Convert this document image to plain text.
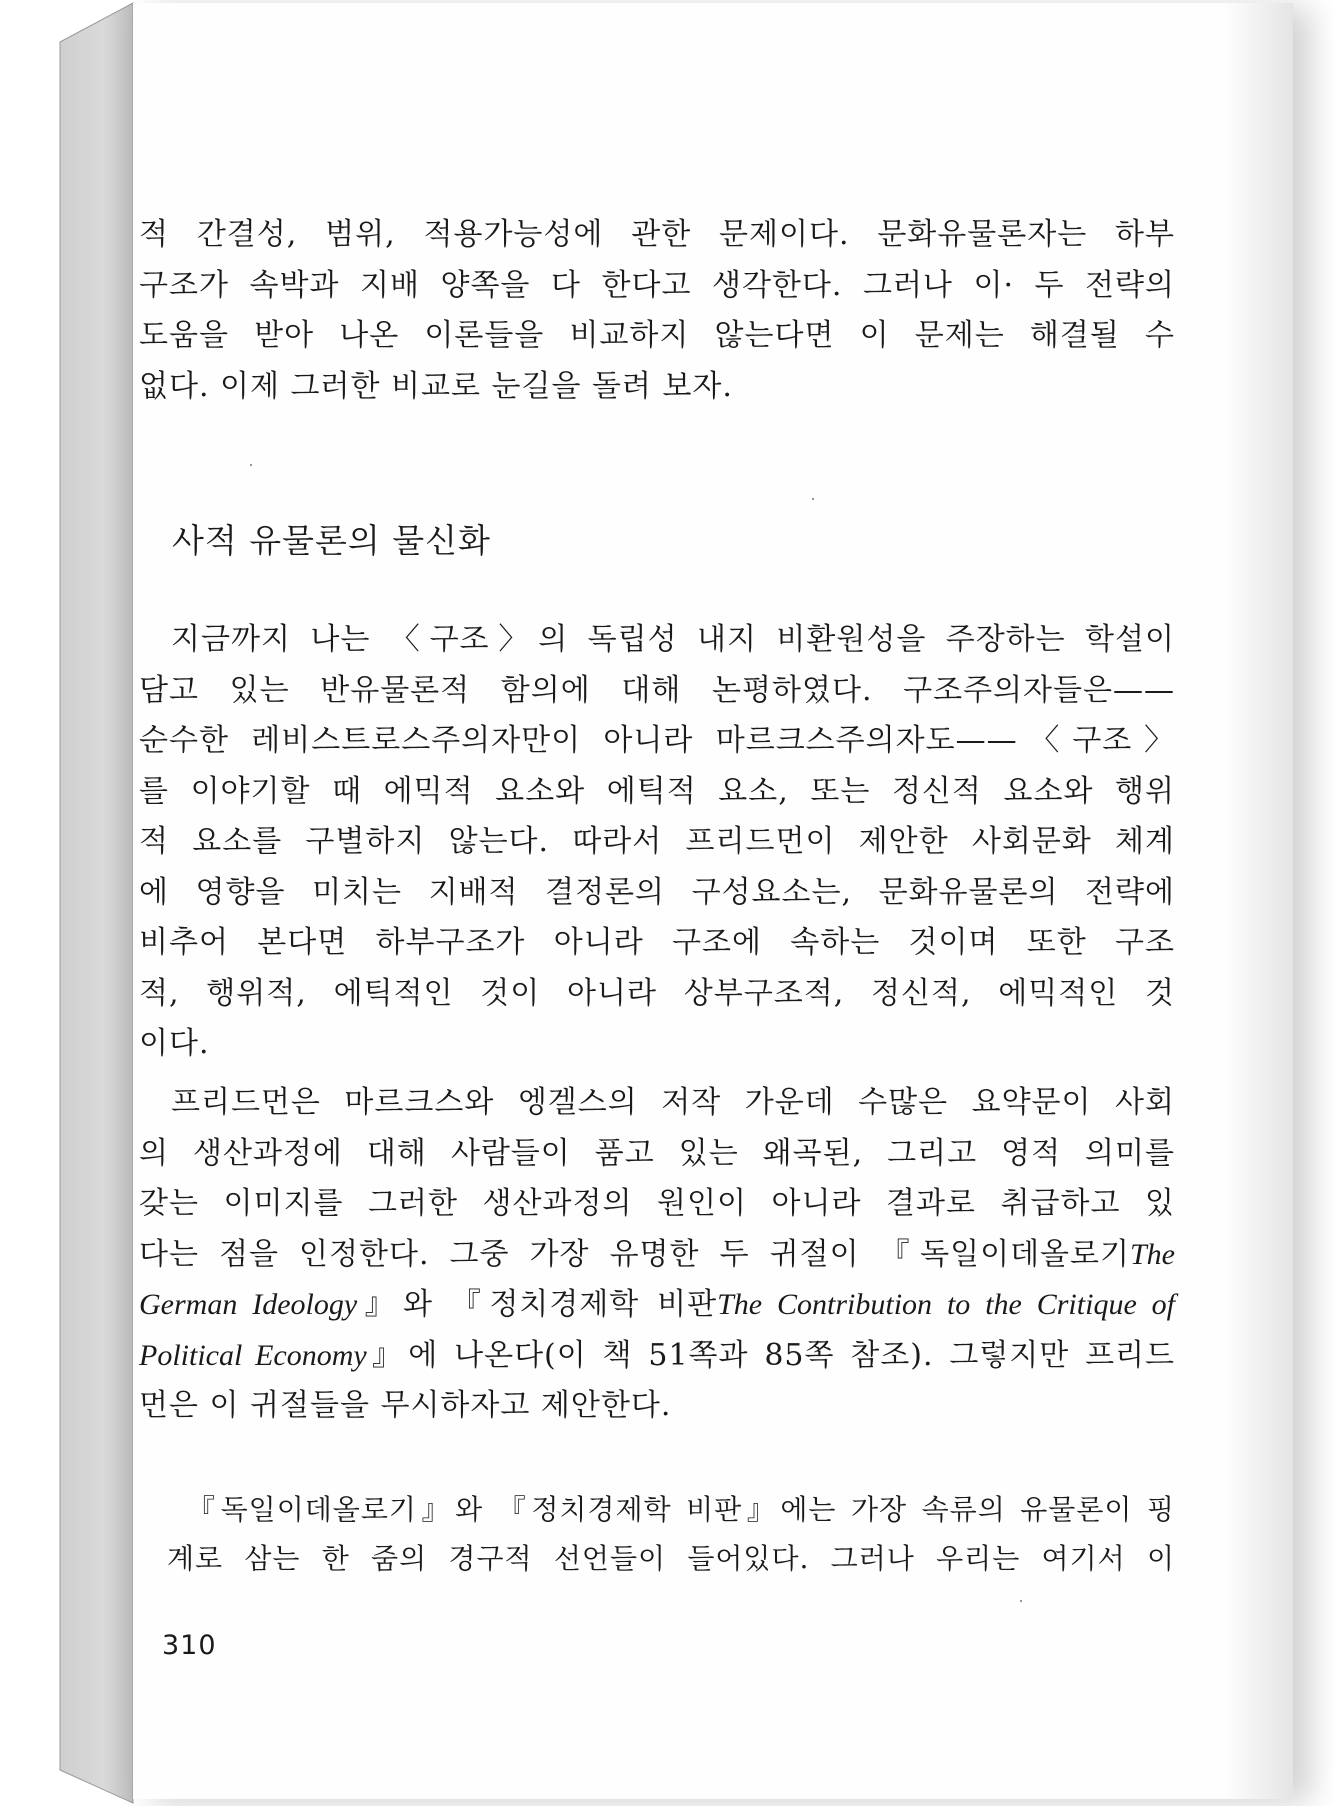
적 간결성, 범위, 적용가능성에 관한 문제이다. 문화유물론자는 하부
구조가 속박과 지배 양쪽을 다 한다고 생각한다. 그러나 이· 두 전략의
도움을 받아 나온 이론들을 비교하지 않는다면 이 문제는 해결될 수
없다. 이제 그러한 비교로 눈길을 돌려 보자.
사적 유물론의 물신화
지금까지 나는 〈구조〉의 독립성 내지 비환원성을 주장하는 학설이
담고 있는 반유물론적 함의에 대해 논평하였다. 구조주의자들은——
순수한 레비스트로스주의자만이 아니라 마르크스주의자도——〈구조〉
를 이야기할 때 에믹적 요소와 에틱적 요소, 또는 정신적 요소와 행위
적 요소를 구별하지 않는다. 따라서 프리드먼이 제안한 사회문화 체계
에 영향을 미치는 지배적 결정론의 구성요소는, 문화유물론의 전략에
비추어 본다면 하부구조가 아니라 구조에 속하는 것이며 또한 구조
적, 행위적, 에틱적인 것이 아니라 상부구조적, 정신적, 에믹적인 것
이다.
프리드먼은 마르크스와 엥겔스의 저작 가운데 수많은 요약문이 사회
의 생산과정에 대해 사람들이 품고 있는 왜곡된, 그리고 영적 의미를
갖는 이미지를 그러한 생산과정의 원인이 아니라 결과로 취급하고 있
다는 점을 인정한다. 그중 가장 유명한 두 귀절이 『독일이데올로기The
German Ideology』와 『정치경제학 비판The Contribution to the Critique of
Political Economy』에 나온다(이 책 51쪽과 85쪽 참조). 그렇지만 프리드
먼은 이 귀절들을 무시하자고 제안한다.
『독일이데올로기』와 『정치경제학 비판』에는 가장 속류의 유물론이 핑
계로 삼는 한 줌의 경구적 선언들이 들어있다. 그러나 우리는 여기서 이
310
